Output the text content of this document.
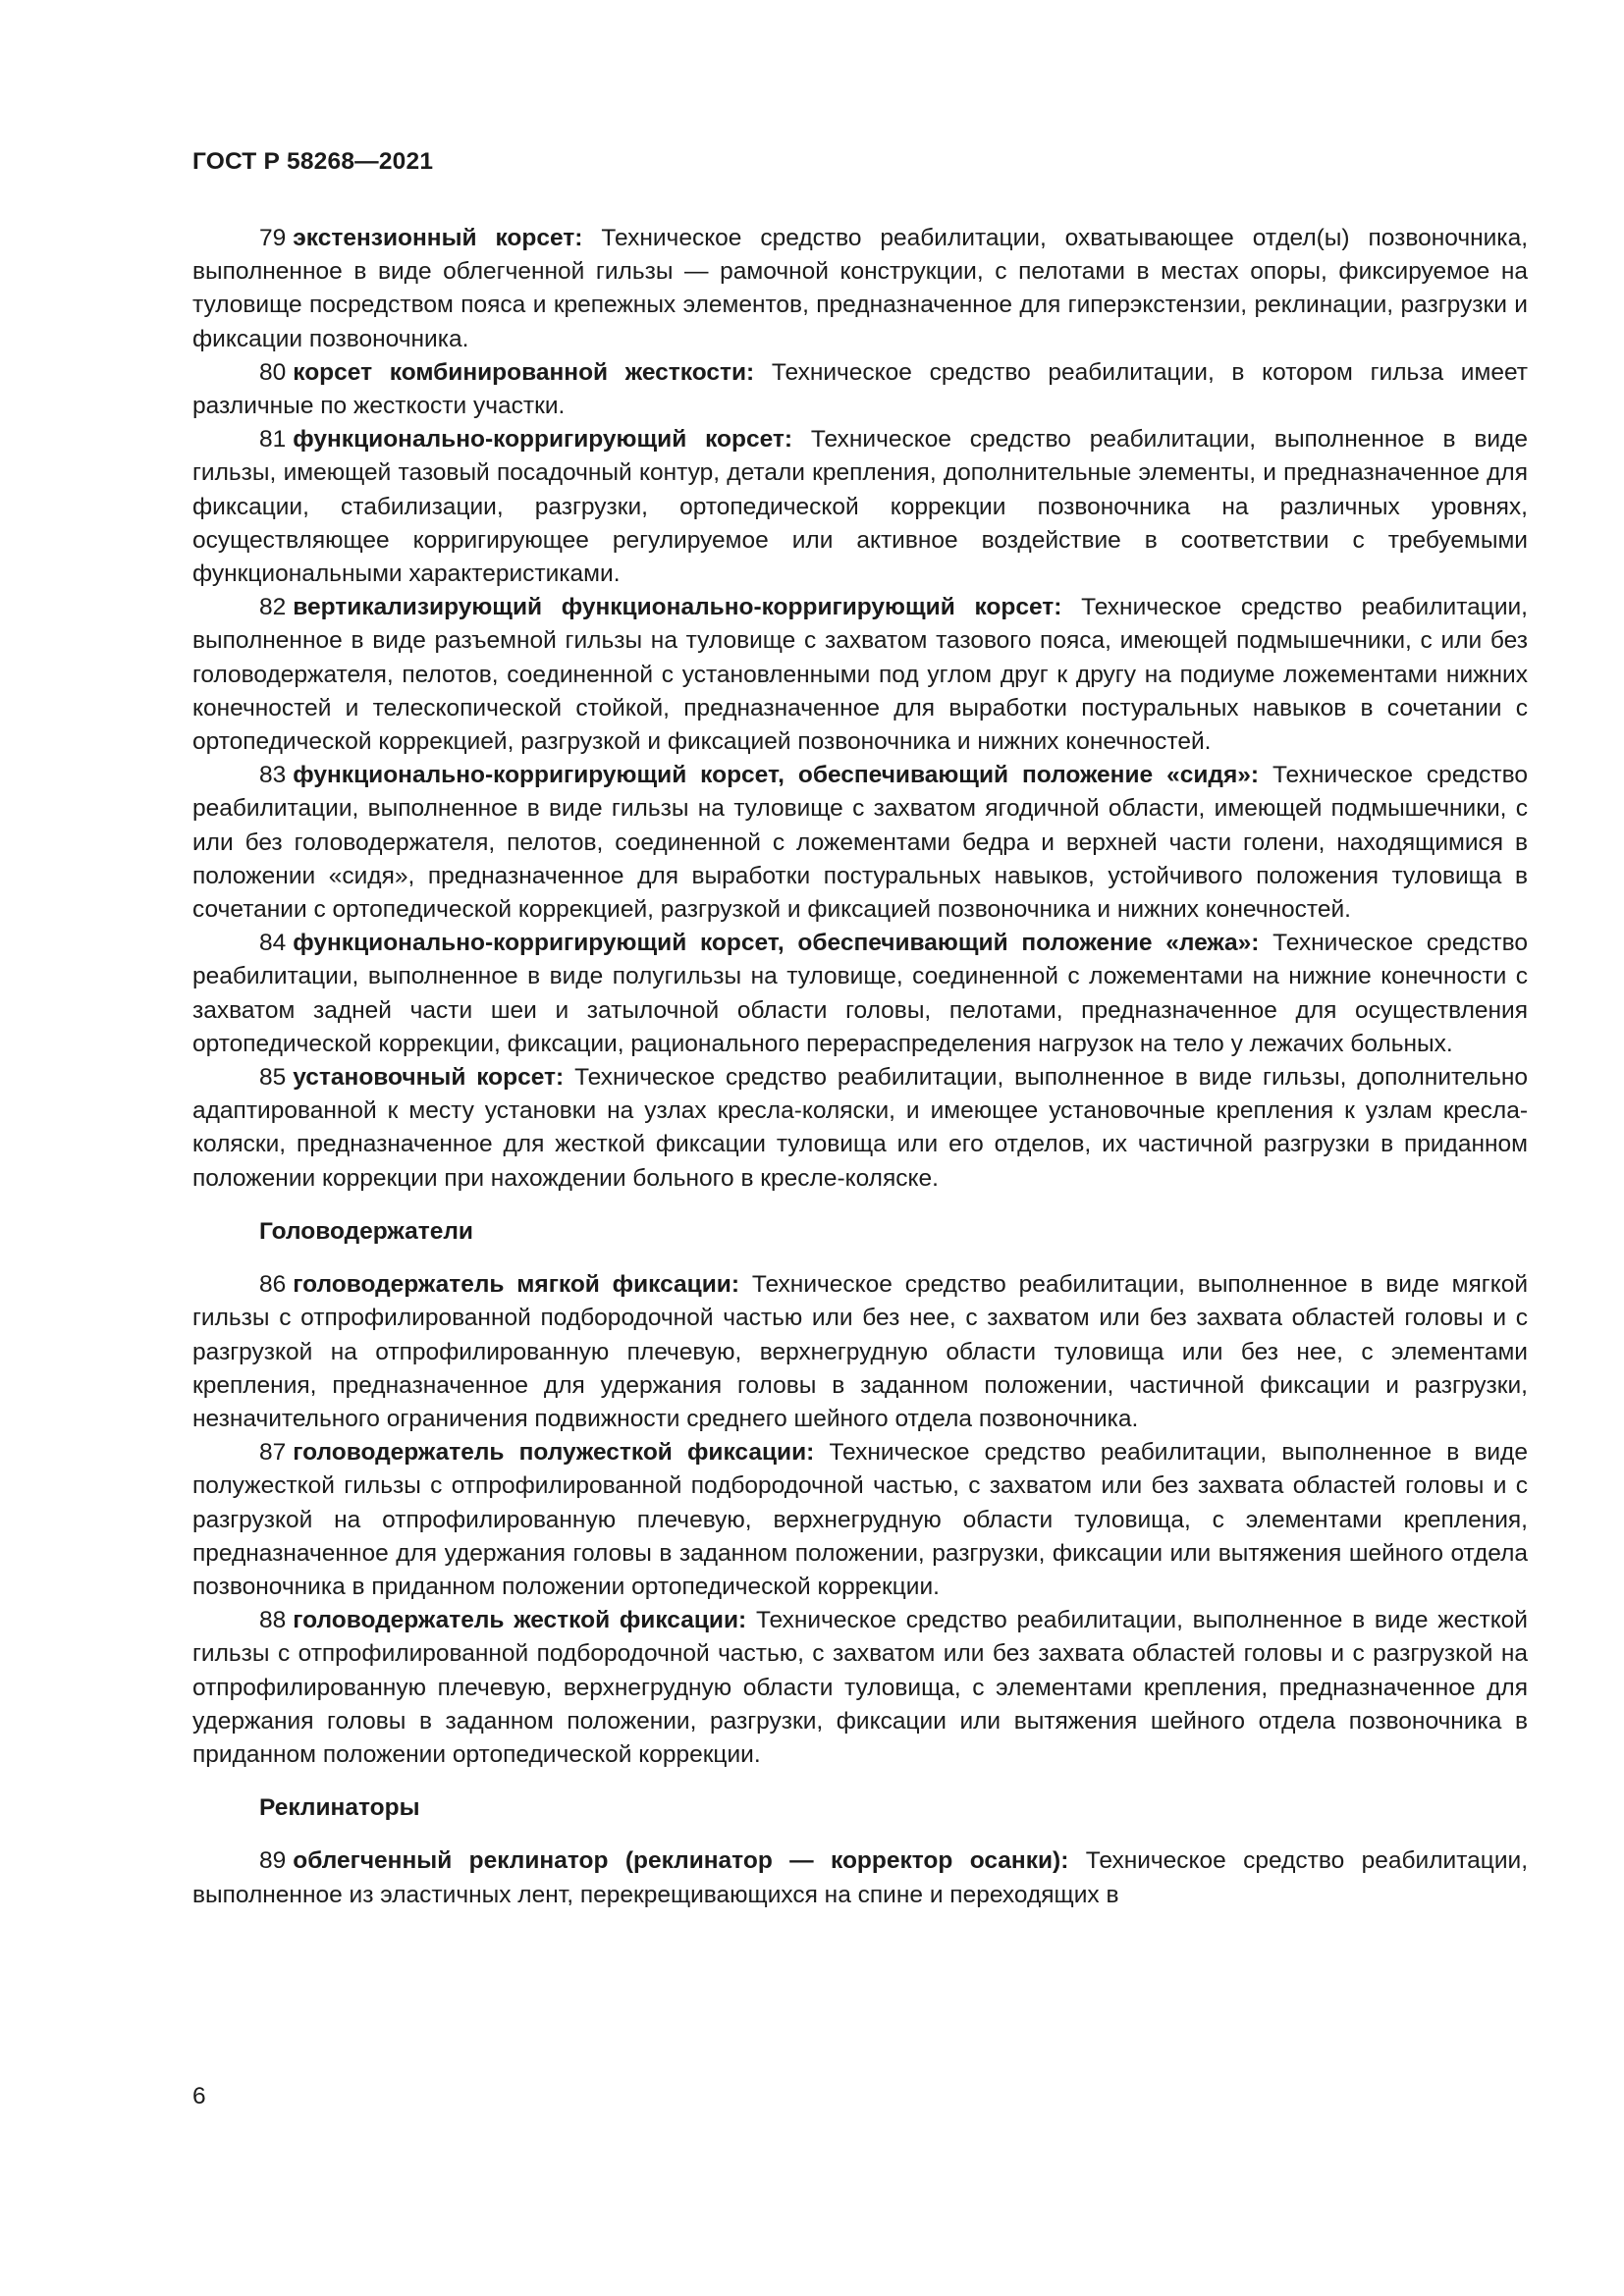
ГОСТ Р 58268—2021

79 экстензионный корсет: Техническое средство реабилитации, охватывающее отдел(ы) позвоночника, выполненное в виде облегченной гильзы — рамочной конструкции, с пелотами в местах опоры, фиксируемое на туловище посредством пояса и крепежных элементов, предназначенное для гиперэкстензии, реклинации, разгрузки и фиксации позвоночника.

80 корсет комбинированной жесткости: Техническое средство реабилитации, в котором гильза имеет различные по жесткости участки.

81 функционально-корригирующий корсет: Техническое средство реабилитации, выполненное в виде гильзы, имеющей тазовый посадочный контур, детали крепления, дополнительные элементы, и предназначенное для фиксации, стабилизации, разгрузки, ортопедической коррекции позвоночника на различных уровнях, осуществляющее корригирующее регулируемое или активное воздействие в соответствии с требуемыми функциональными характеристиками.

82 вертикализирующий функционально-корригирующий корсет: Техническое средство реабилитации, выполненное в виде разъемной гильзы на туловище с захватом тазового пояса, имеющей подмышечники, с или без головодержателя, пелотов, соединенной с установленными под углом друг к другу на подиуме ложементами нижних конечностей и телескопической стойкой, предназначенное для выработки постуральных навыков в сочетании с ортопедической коррекцией, разгрузкой и фиксацией позвоночника и нижних конечностей.

83 функционально-корригирующий корсет, обеспечивающий положение «сидя»: Техническое средство реабилитации, выполненное в виде гильзы на туловище с захватом ягодичной области, имеющей подмышечники, с или без головодержателя, пелотов, соединенной с ложементами бедра и верхней части голени, находящимися в положении «сидя», предназначенное для выработки постуральных навыков, устойчивого положения туловища в сочетании с ортопедической коррекцией, разгрузкой и фиксацией позвоночника и нижних конечностей.

84 функционально-корригирующий корсет, обеспечивающий положение «лежа»: Техническое средство реабилитации, выполненное в виде полугильзы на туловище, соединенной с ложементами на нижние конечности с захватом задней части шеи и затылочной области головы, пелотами, предназначенное для осуществления ортопедической коррекции, фиксации, рационального перераспределения нагрузок на тело у лежачих больных.

85 установочный корсет: Техническое средство реабилитации, выполненное в виде гильзы, дополнительно адаптированной к месту установки на узлах кресла-коляски, и имеющее установочные крепления к узлам кресла-коляски, предназначенное для жесткой фиксации туловища или его отделов, их частичной разгрузки в приданном положении коррекции при нахождении больного в кресле-коляске.

Головодержатели

86 головодержатель мягкой фиксации: Техническое средство реабилитации, выполненное в виде мягкой гильзы с отпрофилированной подбородочной частью или без нее, с захватом или без захвата областей головы и с разгрузкой на отпрофилированную плечевую, верхнегрудную области туловища или без нее, с элементами крепления, предназначенное для удержания головы в заданном положении, частичной фиксации и разгрузки, незначительного ограничения подвижности среднего шейного отдела позвоночника.

87 головодержатель полужесткой фиксации: Техническое средство реабилитации, выполненное в виде полужесткой гильзы с отпрофилированной подбородочной частью, с захватом или без захвата областей головы и с разгрузкой на отпрофилированную плечевую, верхнегрудную области туловища, с элементами крепления, предназначенное для удержания головы в заданном положении, разгрузки, фиксации или вытяжения шейного отдела позвоночника в приданном положении ортопедической коррекции.

88 головодержатель жесткой фиксации: Техническое средство реабилитации, выполненное в виде жесткой гильзы с отпрофилированной подбородочной частью, с захватом или без захвата областей головы и с разгрузкой на отпрофилированную плечевую, верхнегрудную области туловища, с элементами крепления, предназначенное для удержания головы в заданном положении, разгрузки, фиксации или вытяжения шейного отдела позвоночника в приданном положении ортопедической коррекции.

Реклинаторы

89 облегченный реклинатор (реклинатор — корректор осанки): Техническое средство реабилитации, выполненное из эластичных лент, перекрещивающихся на спине и переходящих в

6
